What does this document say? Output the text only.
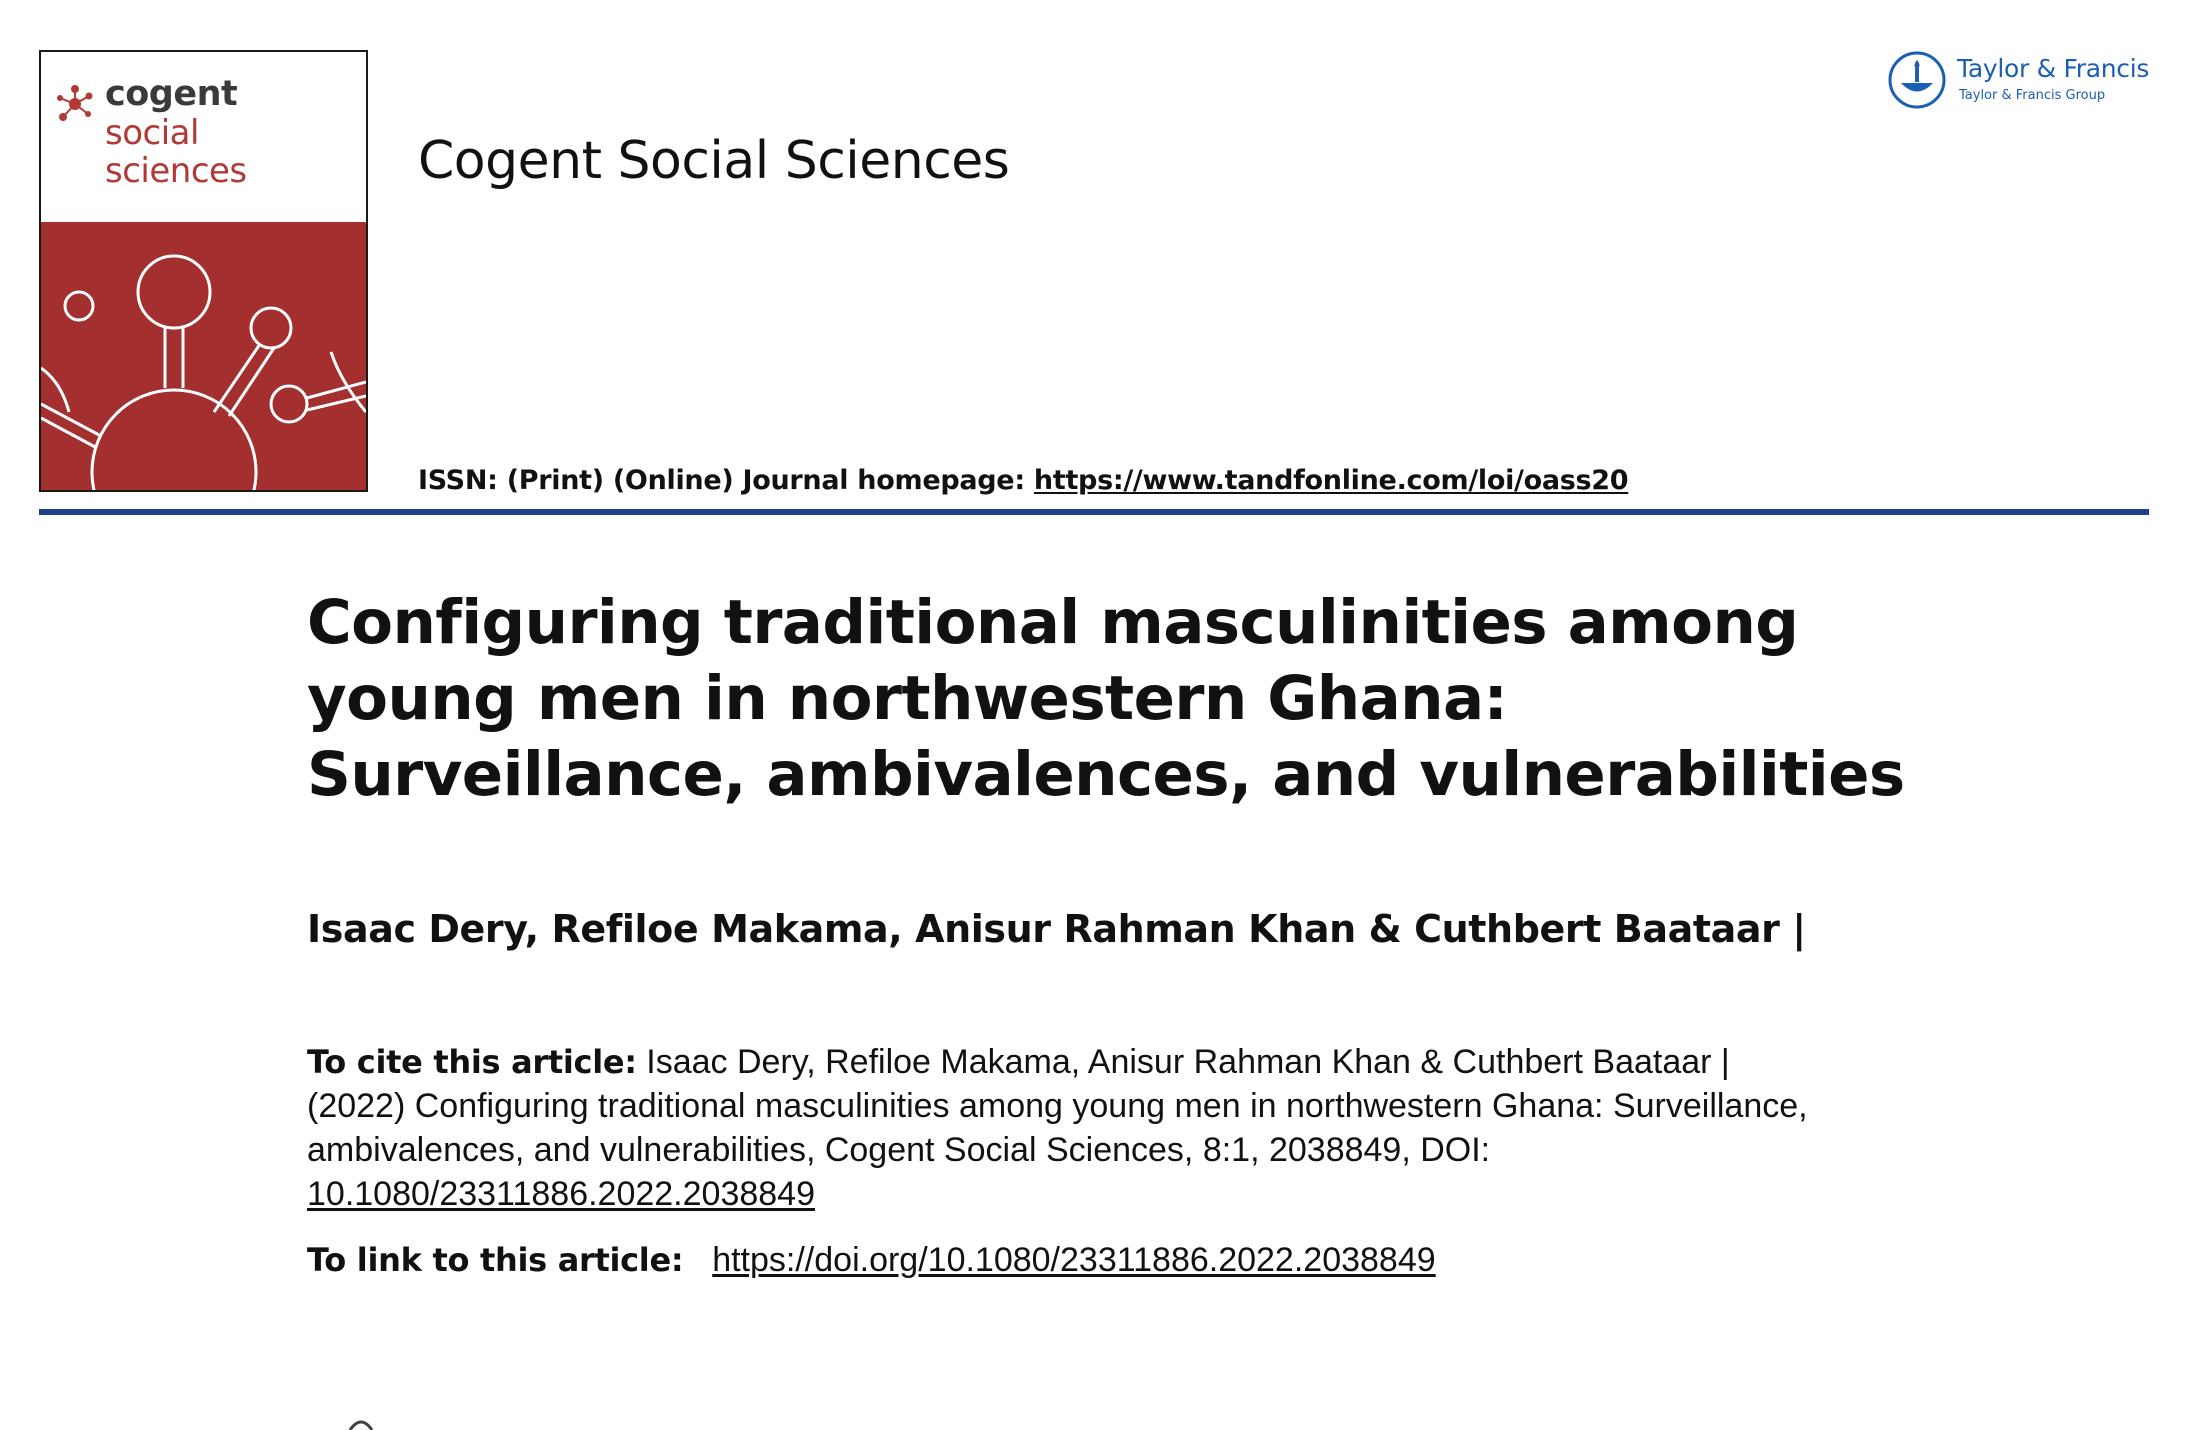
cogent
social
sciences	Cogent Social Sciences
Taylor & Francis
Taylor & Francis Group
ISSN: (Print) (Online) Journal homepage: https://www.tandfonline.com/loi/oass20
Configuring traditional masculinities among young men in northwestern Ghana: Surveillance, ambivalences, and vulnerabilities
Isaac Dery, Refiloe Makama, Anisur Rahman Khan & Cuthbert Baataar |
To cite this article: Isaac Dery, Refiloe Makama, Anisur Rahman Khan & Cuthbert Baataar | (2022) Configuring traditional masculinities among young men in northwestern Ghana: Surveillance, ambivalences, and vulnerabilities, Cogent Social Sciences, 8:1, 2038849, DOI: 10.1080/23311886.2022.2038849
To link to this article: https://doi.org/10.1080/23311886.2022.2038849
